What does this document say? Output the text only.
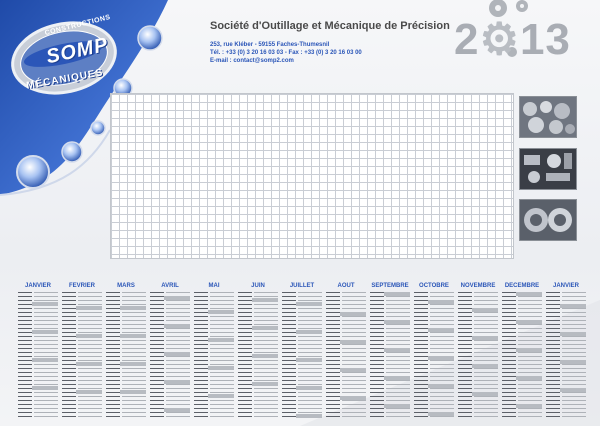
CONSTRUCTIONS
SOMP
MÉCANIQUES
Société d'Outillage et Mécanique de Précision
253, rue Kléber - 59155 Faches-Thumesnil
Tél. : +33 (0) 3 20 16 03 03 - Fax : +33 (0) 3 20 16 03 00
E-mail : contact@somp2.com	2⚙13
JANVIER	FEVRIER	MARS	AVRIL	MAI	JUIN	JUILLET	AOUT	SEPTEMBRE	OCTOBRE	NOVEMBRE	DECEMBRE	JANVIER
